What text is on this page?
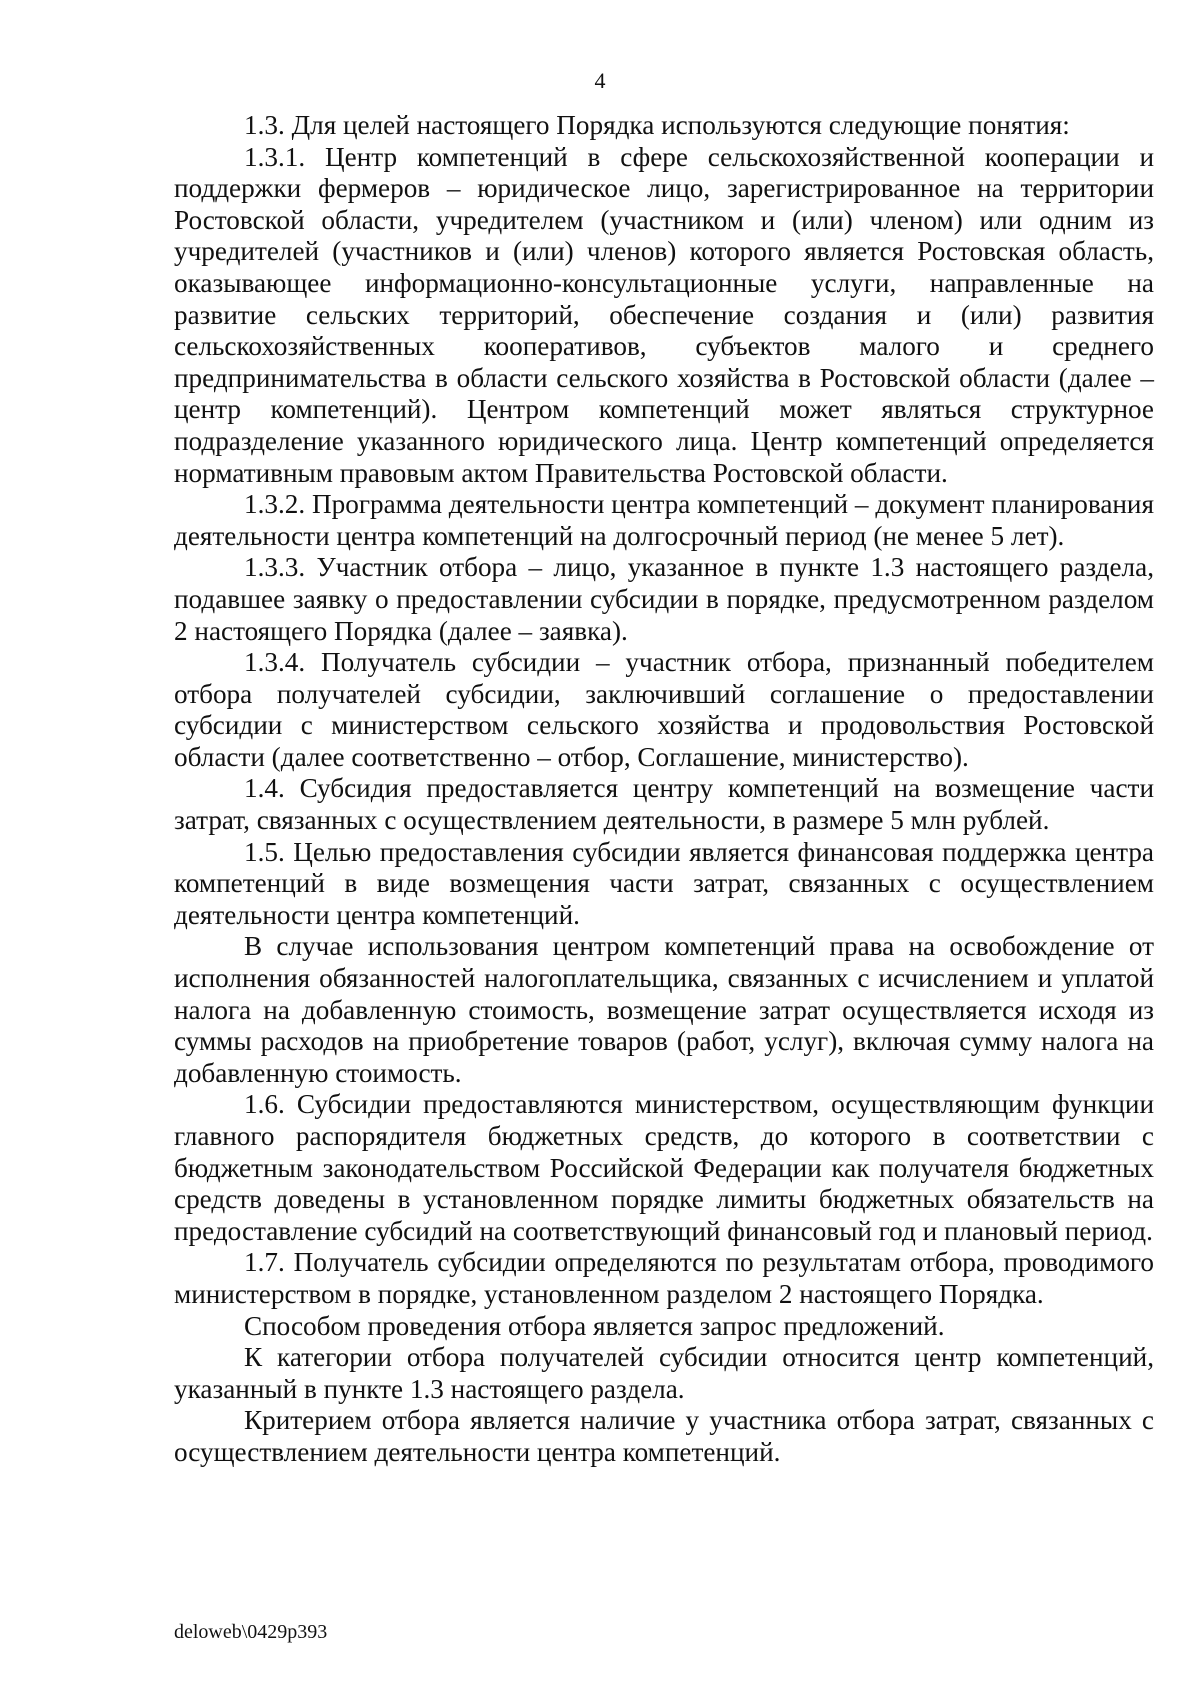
4

1.3. Для целей настоящего Порядка используются следующие понятия:

1.3.1. Центр компетенций в сфере сельскохозяйственной кооперации и поддержки фермеров – юридическое лицо, зарегистрированное на территории Ростовской области, учредителем (участником и (или) членом) или одним из учредителей (участников и (или) членов) которого является Ростовская область, оказывающее информационно-консультационные услуги, направленные на развитие сельских территорий, обеспечение создания и (или) развития сельскохозяйственных кооперативов, субъектов малого и среднего предпринимательства в области сельского хозяйства в Ростовской области (далее – центр компетенций). Центром компетенций может являться структурное подразделение указанного юридического лица. Центр компетенций определяется нормативным правовым актом Правительства Ростовской области.

1.3.2. Программа деятельности центра компетенций – документ планирования деятельности центра компетенций на долгосрочный период (не менее 5 лет).

1.3.3. Участник отбора – лицо, указанное в пункте 1.3 настоящего раздела, подавшее заявку о предоставлении субсидии в порядке, предусмотренном разделом 2 настоящего Порядка (далее – заявка).

1.3.4. Получатель субсидии – участник отбора, признанный победителем отбора получателей субсидии, заключивший соглашение о предоставлении субсидии с министерством сельского хозяйства и продовольствия Ростовской области (далее соответственно – отбор, Соглашение, министерство).

1.4. Субсидия предоставляется центру компетенций на возмещение части затрат, связанных с осуществлением деятельности, в размере 5 млн рублей.

1.5. Целью предоставления субсидии является финансовая поддержка центра компетенций в виде возмещения части затрат, связанных с осуществлением деятельности центра компетенций.

В случае использования центром компетенций права на освобождение от исполнения обязанностей налогоплательщика, связанных с исчислением и уплатой налога на добавленную стоимость, возмещение затрат осуществляется исходя из суммы расходов на приобретение товаров (работ, услуг), включая сумму налога на добавленную стоимость.

1.6. Субсидии предоставляются министерством, осуществляющим функции главного распорядителя бюджетных средств, до которого в соответствии с бюджетным законодательством Российской Федерации как получателя бюджетных средств доведены в установленном порядке лимиты бюджетных обязательств на предоставление субсидий на соответствующий финансовый год и плановый период.

1.7. Получатель субсидии определяются по результатам отбора, проводимого министерством в порядке, установленном разделом 2 настоящего Порядка.

Способом проведения отбора является запрос предложений.

К категории отбора получателей субсидии относится центр компетенций, указанный в пункте 1.3 настоящего раздела.

Критерием отбора является наличие у участника отбора затрат, связанных с осуществлением деятельности центра компетенций.

deloweb\0429p393
